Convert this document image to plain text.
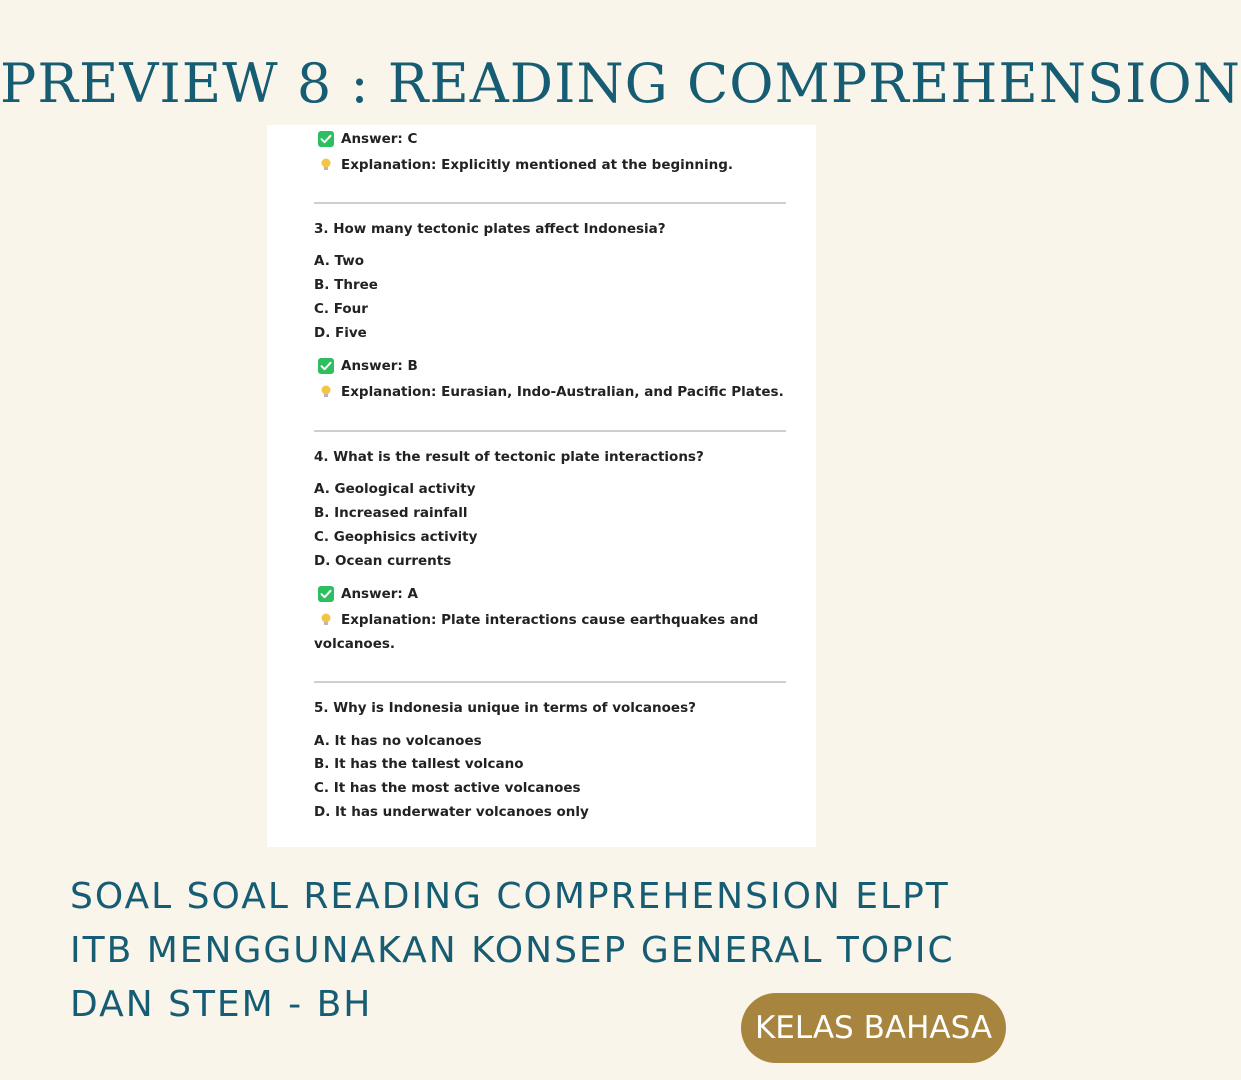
PREVIEW 8 : READING COMPREHENSION
Answer: C
Explanation: Explicitly mentioned at the beginning.
3. How many tectonic plates affect Indonesia?
A. Two
B. Three
C. Four
D. Five
Answer: B
Explanation: Eurasian, Indo-Australian, and Pacific Plates.
4. What is the result of tectonic plate interactions?
A. Geological activity
B. Increased rainfall
C. Geophisics activity
D. Ocean currents
Answer: A
Explanation: Plate interactions cause earthquakes and
volcanoes.
5. Why is Indonesia unique in terms of volcanoes?
A. It has no volcanoes
B. It has the tallest volcano
C. It has the most active volcanoes
D. It has underwater volcanoes only
SOAL SOAL READING COMPREHENSION ELPT
ITB MENGGUNAKAN KONSEP GENERAL TOPIC
DAN STEM - BH
KELAS BAHASA
